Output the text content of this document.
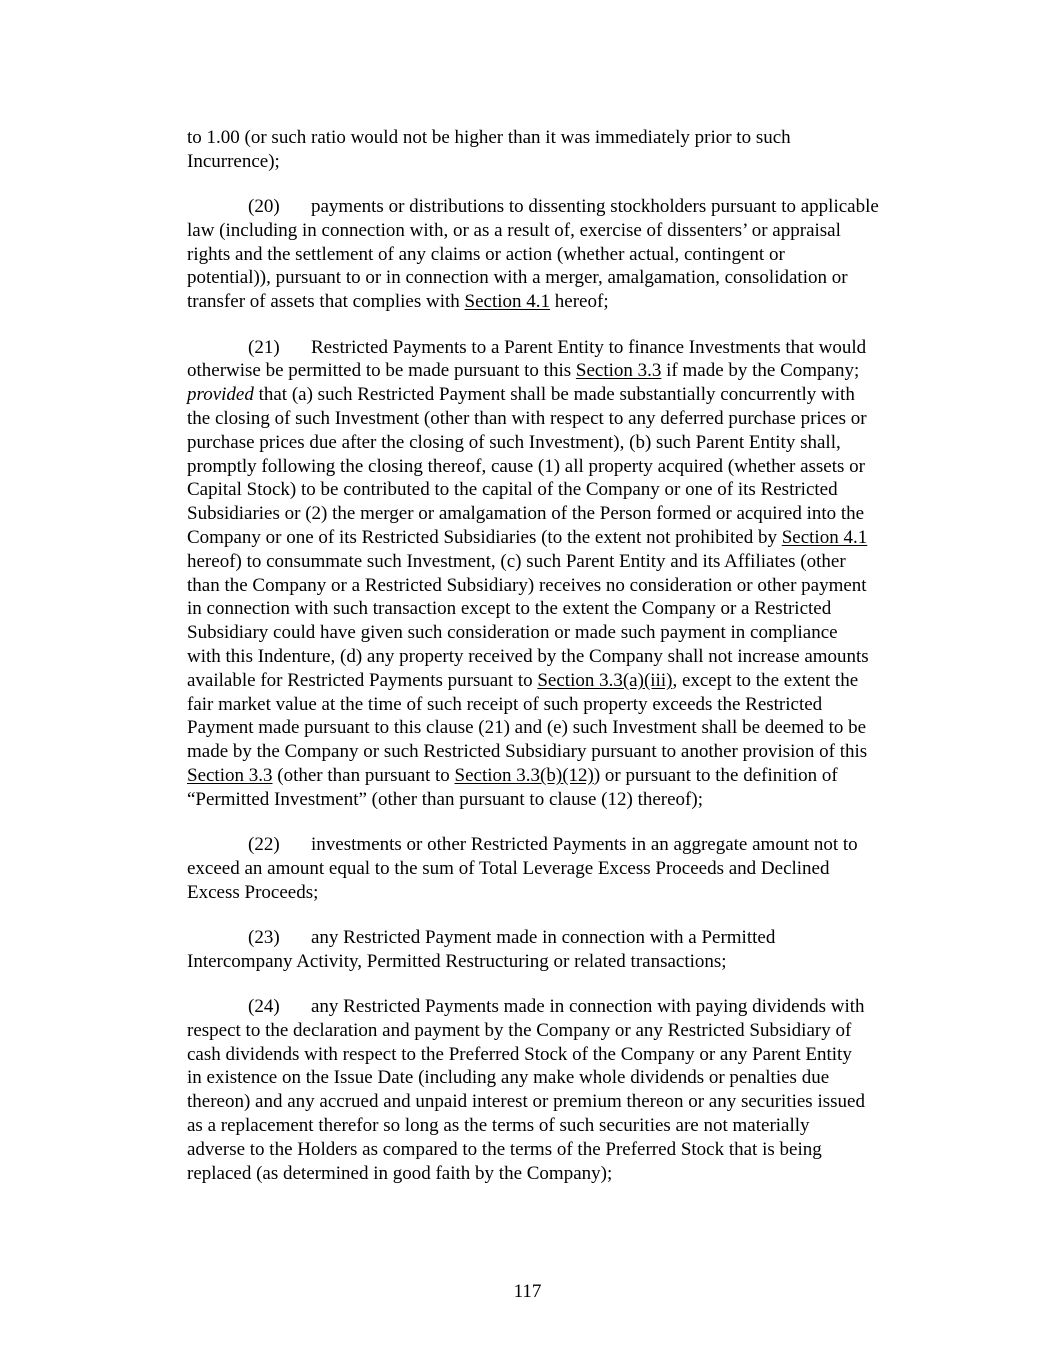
to 1.00 (or such ratio would not be higher than it was immediately prior to such
Incurrence);

(20) payments or distributions to dissenting stockholders pursuant to applicable
law (including in connection with, or as a result of, exercise of dissenters’ or appraisal
rights and the settlement of any claims or action (whether actual, contingent or
potential)), pursuant to or in connection with a merger, amalgamation, consolidation or
transfer of assets that complies with Section 4.1 hereof;

(21) Restricted Payments to a Parent Entity to finance Investments that would
otherwise be permitted to be made pursuant to this Section 3.3 if made by the Company;
provided that (a) such Restricted Payment shall be made substantially concurrently with
the closing of such Investment (other than with respect to any deferred purchase prices or
purchase prices due after the closing of such Investment), (b) such Parent Entity shall,
promptly following the closing thereof, cause (1) all property acquired (whether assets or
Capital Stock) to be contributed to the capital of the Company or one of its Restricted
Subsidiaries or (2) the merger or amalgamation of the Person formed or acquired into the
Company or one of its Restricted Subsidiaries (to the extent not prohibited by Section 4.1
hereof) to consummate such Investment, (c) such Parent Entity and its Affiliates (other
than the Company or a Restricted Subsidiary) receives no consideration or other payment
in connection with such transaction except to the extent the Company or a Restricted
Subsidiary could have given such consideration or made such payment in compliance
with this Indenture, (d) any property received by the Company shall not increase amounts
available for Restricted Payments pursuant to Section 3.3(a)(iii), except to the extent the
fair market value at the time of such receipt of such property exceeds the Restricted
Payment made pursuant to this clause (21) and (e) such Investment shall be deemed to be
made by the Company or such Restricted Subsidiary pursuant to another provision of this
Section 3.3 (other than pursuant to Section 3.3(b)(12)) or pursuant to the definition of
“Permitted Investment” (other than pursuant to clause (12) thereof);

(22) investments or other Restricted Payments in an aggregate amount not to
exceed an amount equal to the sum of Total Leverage Excess Proceeds and Declined
Excess Proceeds;

(23) any Restricted Payment made in connection with a Permitted
Intercompany Activity, Permitted Restructuring or related transactions;

(24) any Restricted Payments made in connection with paying dividends with
respect to the declaration and payment by the Company or any Restricted Subsidiary of
cash dividends with respect to the Preferred Stock of the Company or any Parent Entity
in existence on the Issue Date (including any make whole dividends or penalties due
thereon) and any accrued and unpaid interest or premium thereon or any securities issued
as a replacement therefor so long as the terms of such securities are not materially
adverse to the Holders as compared to the terms of the Preferred Stock that is being
replaced (as determined in good faith by the Company);

117
